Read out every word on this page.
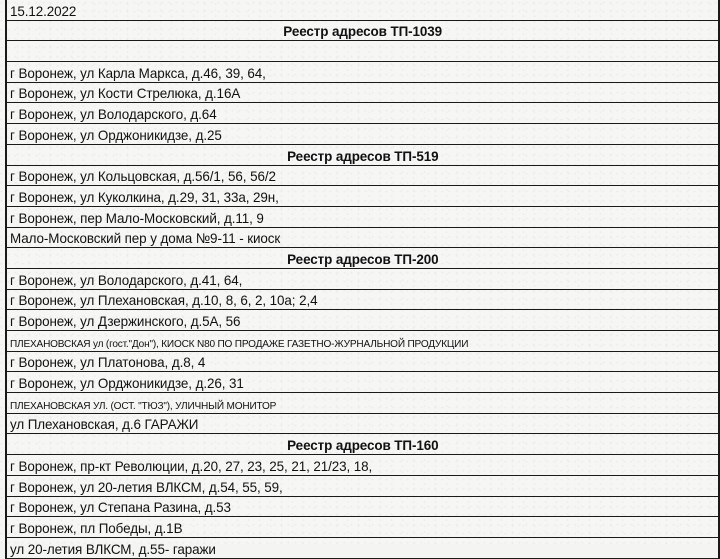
15.12.2022
Реестр адресов ТП-1039
г Воронеж, ул Карла Маркса, д.46, 39, 64,
г Воронеж, ул Кости Стрелюка, д.16А
г Воронеж, ул Володарского, д.64
г Воронеж, ул Орджоникидзе, д.25
Реестр адресов ТП-519
г Воронеж, ул Кольцовская, д.56/1, 56, 56/2
г Воронеж, ул Куколкина, д.29, 31, 33а, 29н,
г Воронеж, пер Мало-Московский, д.11, 9
Мало-Московский пер у дома №9-11 - киоск
Реестр адресов ТП-200
г Воронеж, ул Володарского, д.41, 64,
г Воронеж, ул Плехановская, д.10, 8, 6, 2, 10а; 2,4
г Воронеж, ул Дзержинского, д.5А, 56
ПЛЕХАНОВСКАЯ ул (гост."Дон"), КИОСК N80 ПО ПРОДАЖЕ ГАЗЕТНО-ЖУРНАЛЬНОЙ ПРОДУКЦИИ
г Воронеж, ул Платонова, д.8, 4
г Воронеж, ул Орджоникидзе, д.26, 31
ПЛЕХАНОВСКАЯ УЛ. (ОСТ. "ТЮЗ"), УЛИЧНЫЙ МОНИТОР
ул Плехановская, д.6 ГАРАЖИ
Реестр адресов ТП-160
г Воронеж, пр-кт Революции, д.20, 27, 23, 25, 21, 21/23, 18,
г Воронеж, ул 20-летия ВЛКСМ, д.54, 55, 59,
г Воронеж, ул Степана Разина, д.53
г Воронеж, пл Победы, д.1В
ул 20-летия ВЛКСМ, д.55- гаражи
